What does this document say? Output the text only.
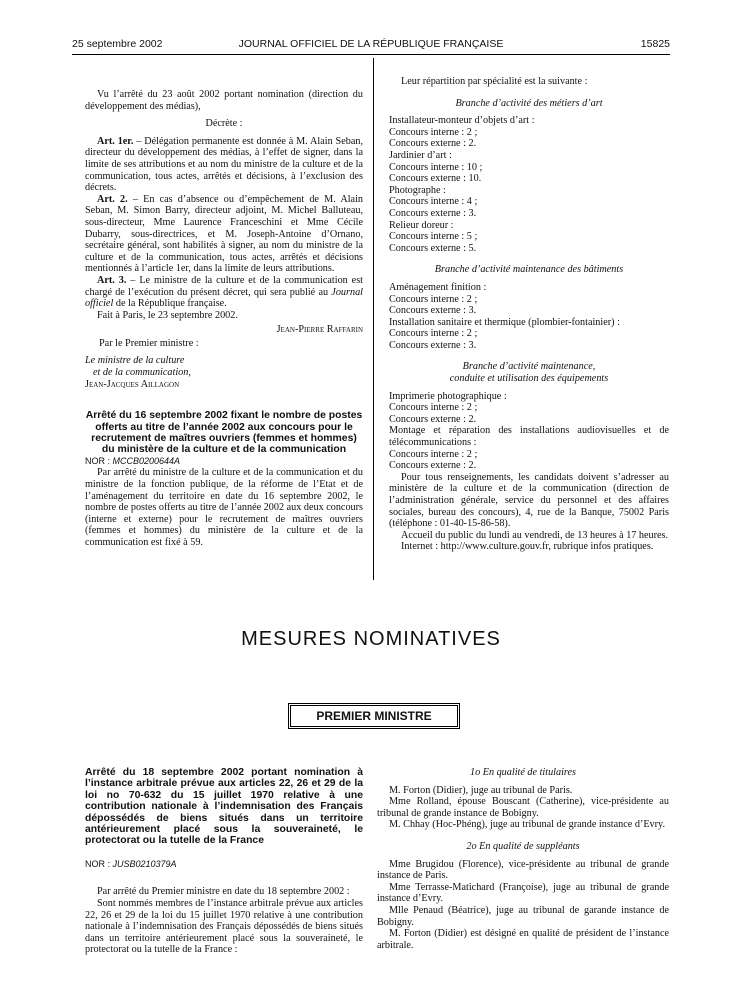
25 septembre 2002	JOURNAL OFFICIEL DE LA RÉPUBLIQUE FRANÇAISE	15825

Vu l’arrêté du 23 août 2002 portant nomination (direction du développement des médias),

Décrète :

Art. 1er. – Délégation permanente est donnée à M. Alain Seban, directeur du développement des médias, à l’effet de signer, dans la limite de ses attributions et au nom du ministre de la culture et de la communication, tous actes, arrêtés et décisions, à l’exclusion des décrets.

Art. 2. – En cas d’absence ou d’empêchement de M. Alain Seban, M. Simon Barry, directeur adjoint, M. Michel Balluteau, sous-directeur, Mme Laurence Franceschini et Mme Cécile Dubarry, sous-directrices, et M. Joseph-Antoine d’Ornano, secrétaire général, sont habilités à signer, au nom du ministre de la culture et de la communication, tous actes, arrêtés et décisions mentionnés à l’article 1er, dans la limite de leurs attributions.

Art. 3. – Le ministre de la culture et de la communication est chargé de l’exécution du présent décret, qui sera publié au Journal officiel de la République française.

Fait à Paris, le 23 septembre 2002.

Jean-Pierre Raffarin

Par le Premier ministre :

Le ministre de la culture

et de la communication,

Jean-Jacques Aillagon

Arrêté du 16 septembre 2002 fixant le nombre de postes offerts au titre de l’année 2002 aux concours pour le recrutement de maîtres ouvriers (femmes et hommes) du ministère de la culture et de la communication

NOR : MCCB0200644A

Par arrêté du ministre de la culture et de la communication et du ministre de la fonction publique, de la réforme de l’Etat et de l’aménagement du territoire en date du 16 septembre 2002, le nombre de postes offerts au titre de l’année 2002 aux deux concours (interne et externe) pour le recrutement de maîtres ouvriers (femmes et hommes) du ministère de la culture et de la communication est fixé à 59.

Leur répartition par spécialité est la suivante :

Branche d’activité des métiers d’art

Installateur-monteur d’objets d’art :

Concours interne : 2 ;

Concours externe : 2.

Jardinier d’art :

Concours interne : 10 ;

Concours externe : 10.

Photographe :

Concours interne : 4 ;

Concours externe : 3.

Relieur doreur :

Concours interne : 5 ;

Concours externe : 5.

Branche d’activité maintenance des bâtiments

Aménagement finition :

Concours interne : 2 ;

Concours externe : 3.

Installation sanitaire et thermique (plombier-fontainier) :

Concours interne : 2 ;

Concours externe : 3.

Branche d’activité maintenance,

conduite et utilisation des équipements

Imprimerie photographique :

Concours interne : 2 ;

Concours externe : 2.

Montage et réparation des installations audiovisuelles et de télécommunications :

Concours interne : 2 ;

Concours externe : 2.

Pour tous renseignements, les candidats doivent s’adresser au ministère de la culture et de la communication (direction de l’administration générale, service du personnel et des affaires sociales, bureau des concours), 4, rue de la Banque, 75002 Paris (téléphone : 01-40-15-86-58).

Accueil du public du lundi au vendredi, de 13 heures à 17 heures.

Internet : http://www.culture.gouv.fr, rubrique infos pratiques.

MESURES NOMINATIVES
PREMIER MINISTRE

Arrêté du 18 septembre 2002 portant nomination à l’instance arbitrale prévue aux articles 22, 26 et 29 de la loi no 70-632 du 15 juillet 1970 relative à une contribution nationale à l’indemnisation des Français dépossédés de biens situés dans un territoire antérieurement placé sous la souveraineté, le protectorat ou la tutelle de la France

NOR : JUSB0210379A

Par arrêté du Premier ministre en date du 18 septembre 2002 :

Sont nommés membres de l’instance arbitrale prévue aux articles 22, 26 et 29 de la loi du 15 juillet 1970 relative à une contribution nationale à l’indemnisation des Français dépossédés de biens situés dans un territoire antérieurement placé sous la souveraineté, le protectorat ou la tutelle de la France :

1o En qualité de titulaires

M. Forton (Didier), juge au tribunal de Paris.

Mme Rolland, épouse Bouscant (Catherine), vice-présidente au tribunal de grande instance de Bobigny.

M. Chhay (Hoc-Phéng), juge au tribunal de grande instance d’Evry.

2o En qualité de suppléants

Mme Brugidou (Florence), vice-présidente au tribunal de grande instance de Paris.

Mme Terrasse-Matichard (Françoise), juge au tribunal de grande instance d’Evry.

Mlle Penaud (Béatrice), juge au tribunal de garande instance de Bobigny.

M. Forton (Didier) est désigné en qualité de président de l’instance arbitrale.
